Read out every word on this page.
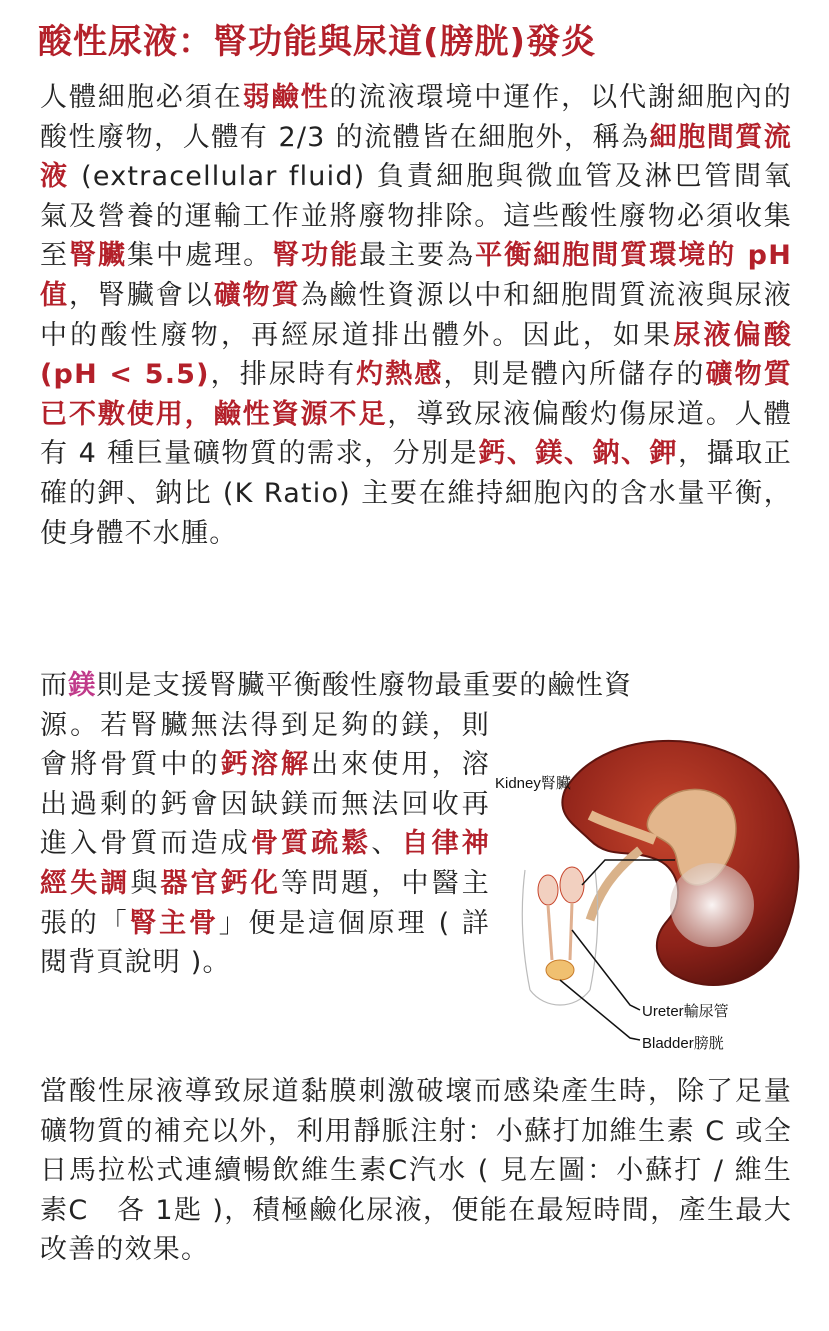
酸性尿液：腎功能與尿道(膀胱)發炎
人體細胞必須在弱鹼性的流液環境中運作，以代謝細胞內的酸性廢物，人體有 2/3 的流體皆在細胞外，稱為細胞間質流液 (extracellular fluid) 負責細胞與微血管及淋巴管間氧氣及營養的運輸工作並將廢物排除。這些酸性廢物必須收集至腎臟集中處理。腎功能最主要為平衡細胞間質環境的 pH 值，腎臟會以礦物質為鹼性資源以中和細胞間質流液與尿液中的酸性廢物，再經尿道排出體外。因此，如果尿液偏酸 (pH < 5.5)，排尿時有灼熱感，則是體內所儲存的礦物質已不敷使用，鹼性資源不足，導致尿液偏酸灼傷尿道。人體有 4 種巨量礦物質的需求，分別是鈣、鎂、鈉、鉀，攝取正確的鉀、鈉比 (K Ratio) 主要在維持細胞內的含水量平衡，使身體不水腫。
而鎂則是支援腎臟平衡酸性廢物最重要的鹼性資
源。若腎臟無法得到足夠的鎂，則會將骨質中的鈣溶解出來使用，溶出過剩的鈣會因缺鎂而無法回收再進入骨質而造成骨質疏鬆、自律神經失調與器官鈣化等問題，中醫主張的「腎主骨」便是這個原理 ( 詳閱背頁說明 )。
Kidney腎臟
Ureter輸尿管
Bladder膀胱
當酸性尿液導致尿道黏膜刺激破壞而感染產生時，除了足量礦物質的補充以外，利用靜脈注射：小蘇打加維生素 C 或全日馬拉松式連續暢飲維生素C汽水 ( 見左圖：小蘇打 / 維生素C　各 1匙 )，積極鹼化尿液，便能在最短時間，產生最大改善的效果。
